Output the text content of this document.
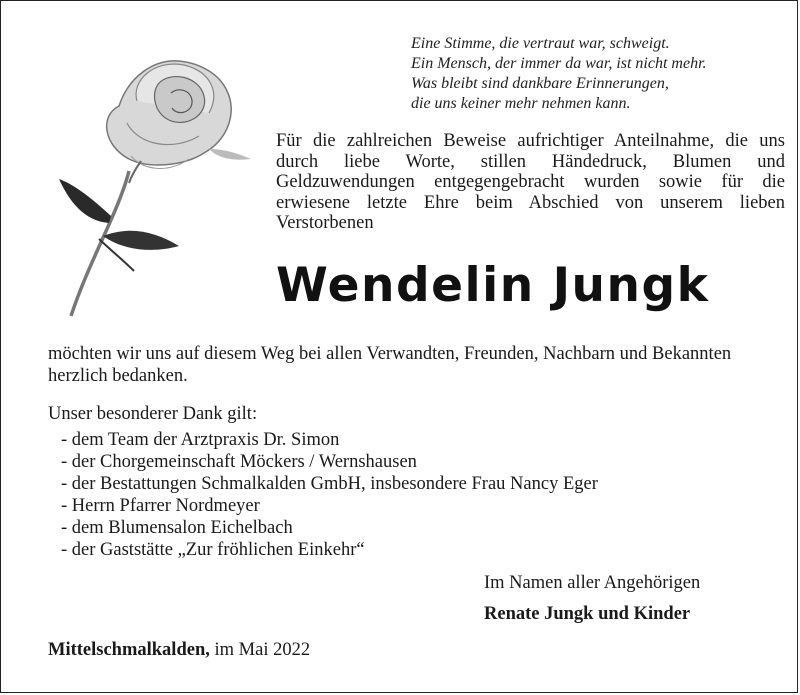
Eine Stimme, die vertraut war, schweigt.
Ein Mensch, der immer da war, ist nicht mehr.
Was bleibt sind dankbare Erinnerungen,
die uns keiner mehr nehmen kann.
Für die zahlreichen Beweise aufrichtiger Anteilnahme, die uns durch liebe Worte, stillen Händedruck, Blumen und Geldzuwendungen entgegengebracht wurden sowie für die erwiesene letzte Ehre beim Abschied von unserem lieben Verstorbenen
Wendelin Jungk
möchten wir uns auf diesem Weg bei allen Verwandten, Freunden, Nachbarn und Bekannten herzlich bedanken.
Unser besonderer Dank gilt:
- dem Team der Arztpraxis Dr. Simon
- der Chorgemeinschaft Möckers / Wernshausen
- der Bestattungen Schmalkalden GmbH, insbesondere Frau Nancy Eger
- Herrn Pfarrer Nordmeyer
- dem Blumensalon Eichelbach
- der Gaststätte „Zur fröhlichen Einkehr“
Im Namen aller Angehörigen
Renate Jungk und Kinder
Mittelschmalkalden, im Mai 2022
